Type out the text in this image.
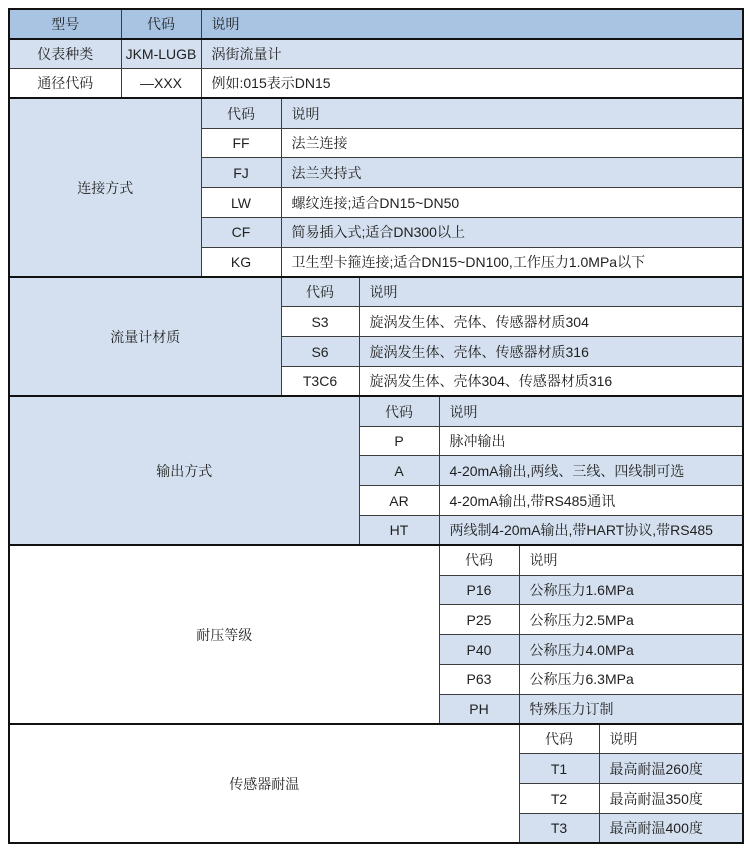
型号	代码	说明					
仪表种类	JKM-LUGB	涡街流量计					
通径代码	—XXX	例如:015表示DN15					
连接方式		代码	说明				
		FF	法兰连接				
		FJ	法兰夹持式				
		LW	螺纹连接;适合DN15~DN50				
		CF	简易插入式;适合DN300以上				
		KG	卫生型卡箍连接;适合DN15~DN100,工作压力1.0MPa以下				
流量计材质			代码	说明			
			S3	旋涡发生体、壳体、传感器材质304			
			S6	旋涡发生体、壳体、传感器材质316			
			T3C6	旋涡发生体、壳体304、传感器材质316			
输出方式				代码	说明		
				P	脉冲输出		
				A	4-20mA输出,两线、三线、四线制可选		
				AR	4-20mA输出,带RS485通讯		
				HT	两线制4-20mA输出,带HART协议,带RS485		
耐压等级					代码	说明	
					P16	公称压力1.6MPa	
					P25	公称压力2.5MPa	
					P40	公称压力4.0MPa	
					P63	公称压力6.3MPa	
					PH	特殊压力订制	
传感器耐温						代码	说明
						T1	最高耐温260度
						T2	最高耐温350度
						T3	最高耐温400度
